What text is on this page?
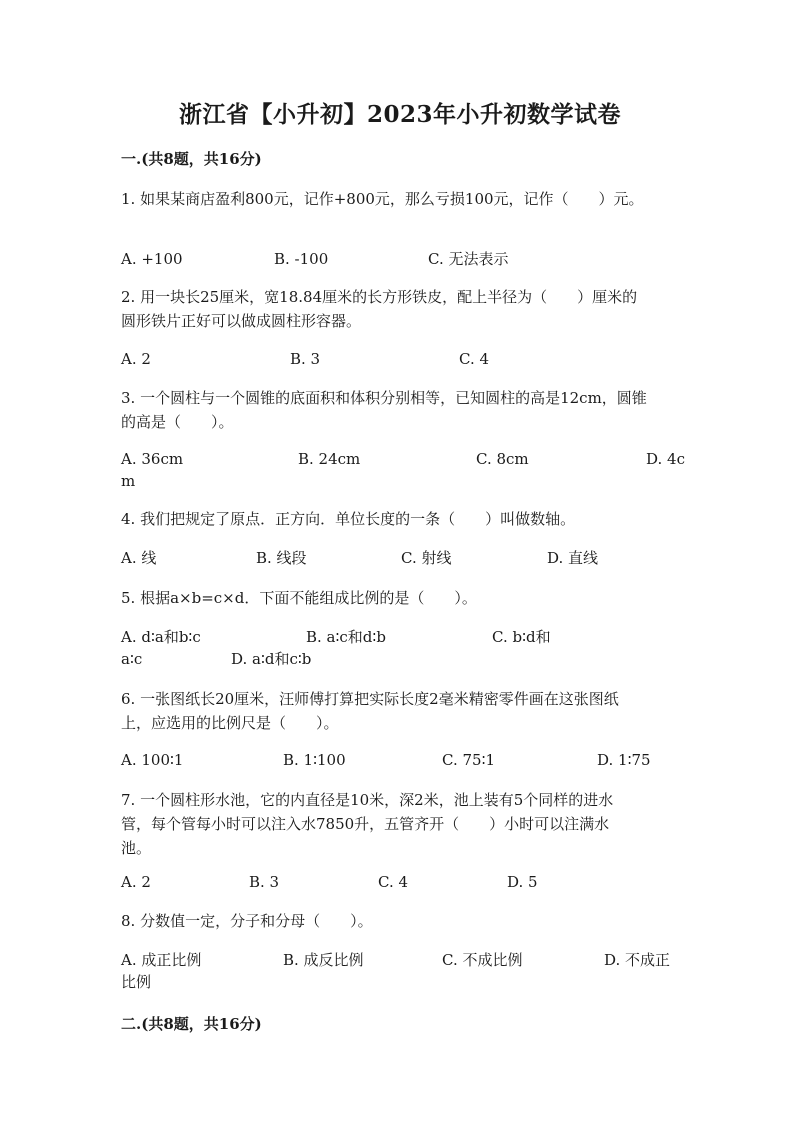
浙江省【小升初】2023年小升初数学试卷
一.(共8题，共16分)
1. 如果某商店盈利800元，记作+800元，那么亏损100元，记作（　　）元。
A. +100	B. -100	C. 无法表示
2. 用一块长25厘米，宽18.84厘米的长方形铁皮，配上半径为（　　）厘米的
圆形铁片正好可以做成圆柱形容器。
A. 2	B. 3	C. 4
3. 一个圆柱与一个圆锥的底面积和体积分别相等，已知圆柱的高是12cm，圆锥
的高是（　　）。
A. 36cm	B. 24cm	C. 8cm	D. 4c
m
4. 我们把规定了原点．正方向．单位长度的一条（　　）叫做数轴。
A. 线	B. 线段	C. 射线	D. 直线
5. 根据a×b=c×d．下面不能组成比例的是（　　）。
A. d∶a和b∶c	B. a∶c和d∶b	C. b∶d和
a∶c	D. a∶d和c∶b
6. 一张图纸长20厘米，汪师傅打算把实际长度2毫米精密零件画在这张图纸
上，应选用的比例尺是（　　）。
A. 100∶1	B. 1∶100	C. 75∶1	D. 1∶75
7. 一个圆柱形水池，它的内直径是10米，深2米，池上装有5个同样的进水
管，每个管每小时可以注入水7850升，五管齐开（　　）小时可以注满水
池。
A. 2	B. 3	C. 4	D. 5
8. 分数值一定，分子和分母（　　）。
A. 成正比例	B. 成反比例	C. 不成比例	D. 不成正
比例
二.(共8题，共16分)
